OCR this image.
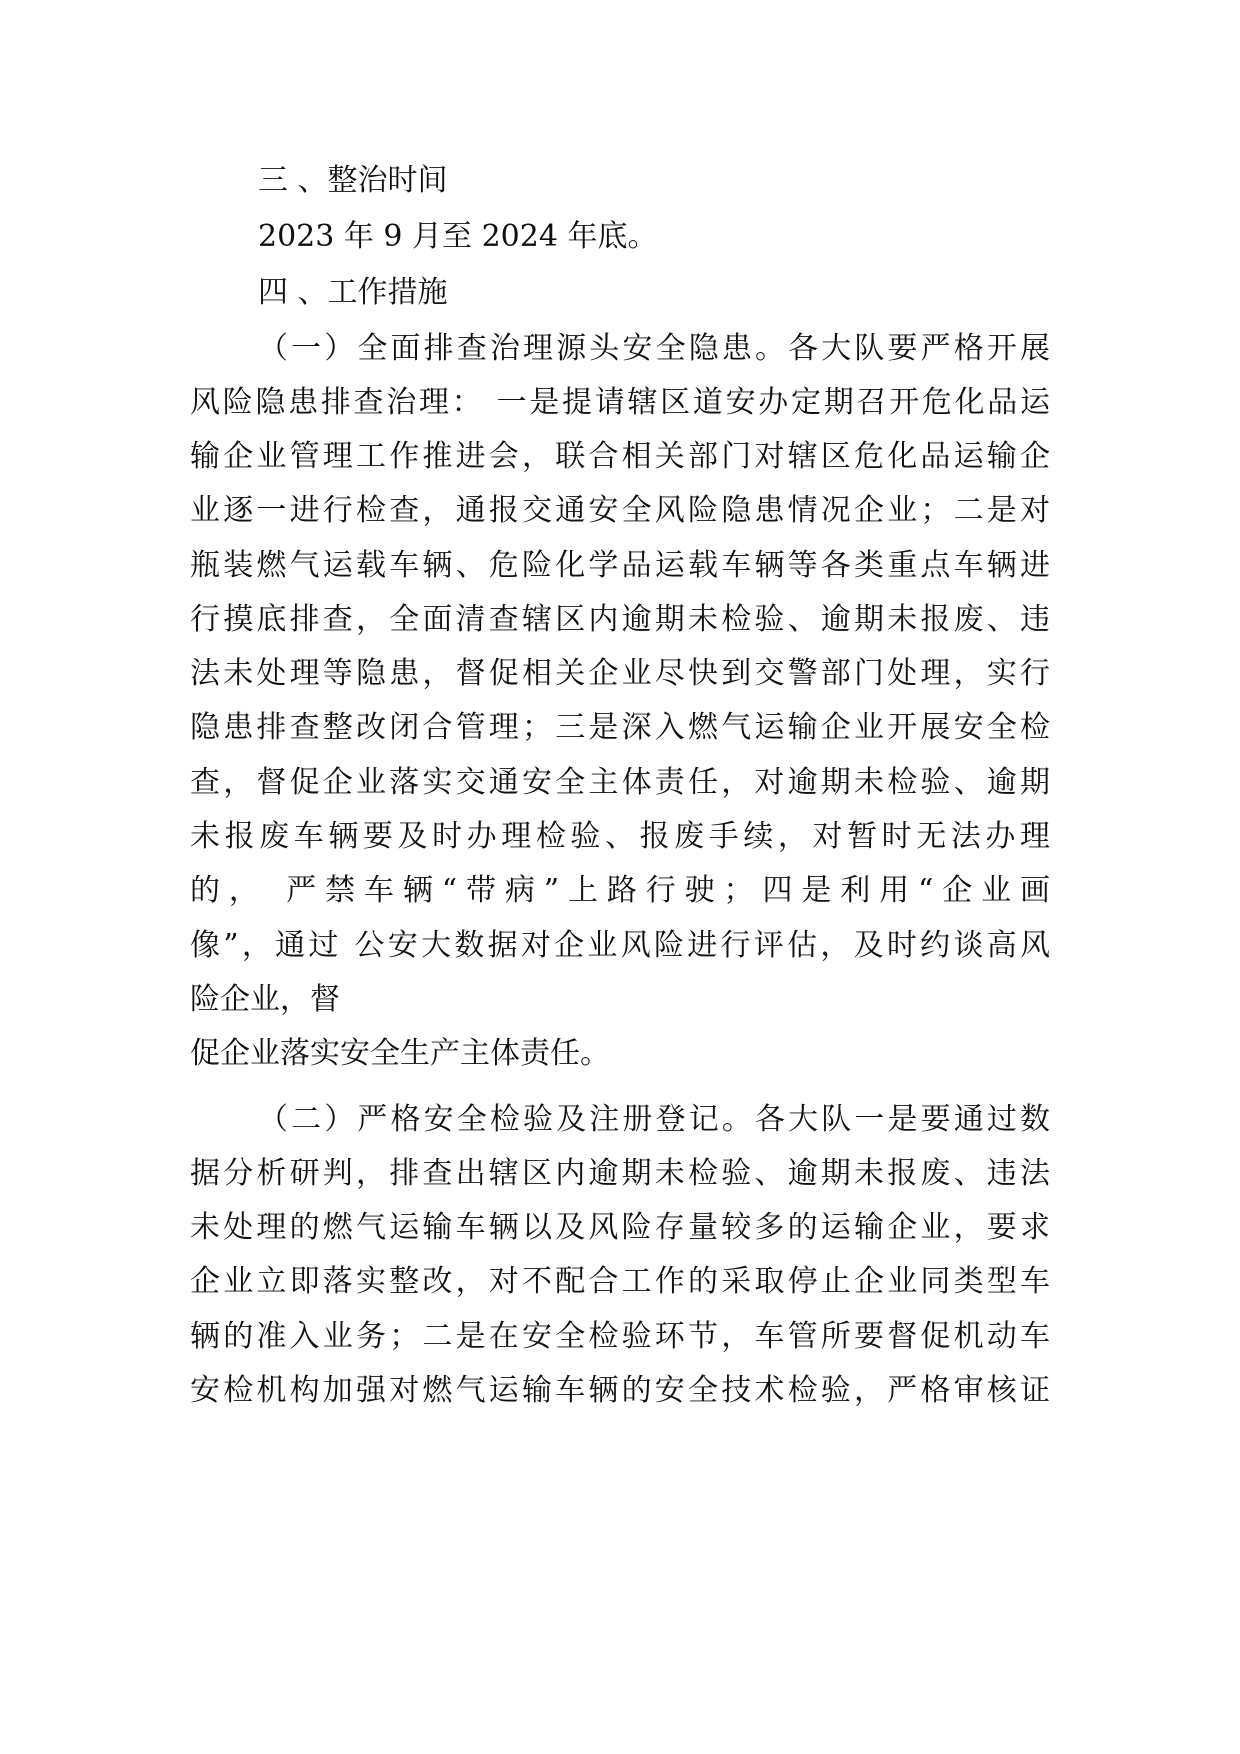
三 、整治时间
2023 年 9 月至 2024 年底。
四 、工作措施
（一）全面排查治理源头安全隐患。各大队要严格开展
风险隐患排查治理： 一是提请辖区道安办定期召开危化品运
输企业管理工作推进会，联合相关部门对辖区危化品运输企
业逐一进行检查，通报交通安全风险隐患情况企业；二是对
瓶装燃气运载车辆、危险化学品运载车辆等各类重点车辆进
行摸底排查，全面清查辖区内逾期未检验、逾期未报废、违
法未处理等隐患，督促相关企业尽快到交警部门处理，实行
隐患排查整改闭合管理；三是深入燃气运输企业开展安全检
查，督促企业落实交通安全主体责任，对逾期未检验、逾期
未报废车辆要及时办理检验、报废手续，对暂时无法办理
的， 严禁车辆“带病”上路行驶；四是利用“企业画
像”，通过 公安大数据对企业风险进行评估，及时约谈高风
险企业，督
促企业落实安全生产主体责任。
（二）严格安全检验及注册登记。各大队一是要通过数
据分析研判，排查出辖区内逾期未检验、逾期未报废、违法
未处理的燃气运输车辆以及风险存量较多的运输企业，要求
企业立即落实整改，对不配合工作的采取停止企业同类型车
辆的准入业务；二是在安全检验环节，车管所要督促机动车
安检机构加强对燃气运输车辆的安全技术检验，严格审核证
